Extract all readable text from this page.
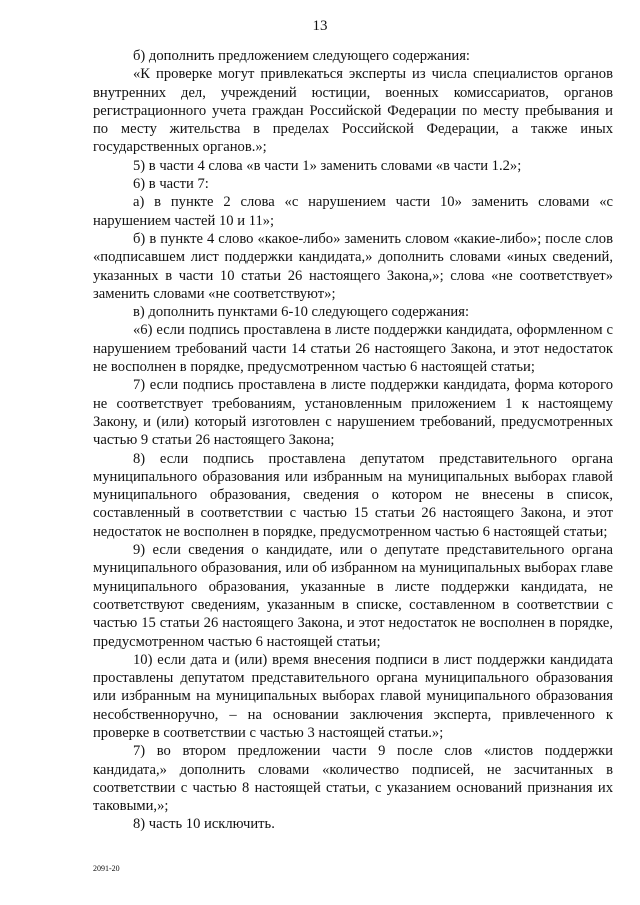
13

б) дополнить предложением следующего содержания:

«К проверке могут привлекаться эксперты из числа специалистов органов внутренних дел, учреждений юстиции, военных комиссариатов, органов регистрационного учета граждан Российской Федерации по месту пребывания и по месту жительства в пределах Российской Федерации, а также иных государственных органов.»;

5) в части 4 слова «в части 1» заменить словами «в части 1.2»;

6) в части 7:

а) в пункте 2 слова «с нарушением части 10» заменить словами «с нарушением частей 10 и 11»;

б) в пункте 4 слово «какое-либо» заменить словом «какие-либо»; после слов «подписавшем лист поддержки кандидата,» дополнить словами «иных сведений, указанных в части 10 статьи 26 настоящего Закона,»; слова «не соответствует» заменить словами «не соответствуют»;

в) дополнить пунктами 6-10 следующего содержания:

«6) если подпись проставлена в листе поддержки кандидата, оформленном с нарушением требований части 14 статьи 26 настоящего Закона, и этот недостаток не восполнен в порядке, предусмотренном частью 6 настоящей статьи;

7) если подпись проставлена в листе поддержки кандидата, форма которого не соответствует требованиям, установленным приложением 1 к настоящему Закону, и (или) который изготовлен с нарушением требований, предусмотренных частью 9 статьи 26 настоящего Закона;

8) если подпись проставлена депутатом представительного органа муниципального образования или избранным на муниципальных выборах главой муниципального образования, сведения о котором не внесены в список, составленный в соответствии с частью 15 статьи 26 настоящего Закона, и этот недостаток не восполнен в порядке, предусмотренном частью 6 настоящей статьи;

9) если сведения о кандидате, или о депутате представительного органа муниципального образования, или об избранном на муниципальных выборах главе муниципального образования, указанные в листе поддержки кандидата, не соответствуют сведениям, указанным в списке, составленном в соответствии с частью 15 статьи 26 настоящего Закона, и этот недостаток не восполнен в порядке, предусмотренном частью 6 настоящей статьи;

10) если дата и (или) время внесения подписи в лист поддержки кандидата проставлены депутатом представительного органа муниципального образования или избранным на муниципальных выборах главой муниципального образования несобственноручно, – на основании заключения эксперта, привлеченного к проверке в соответствии с частью 3 настоящей статьи.»;

7) во втором предложении части 9 после слов «листов поддержки кандидата,» дополнить словами «количество подписей, не засчитанных в соответствии с частью 8 настоящей статьи, с указанием оснований признания их таковыми,»;

8) часть 10 исключить.

2091-20
